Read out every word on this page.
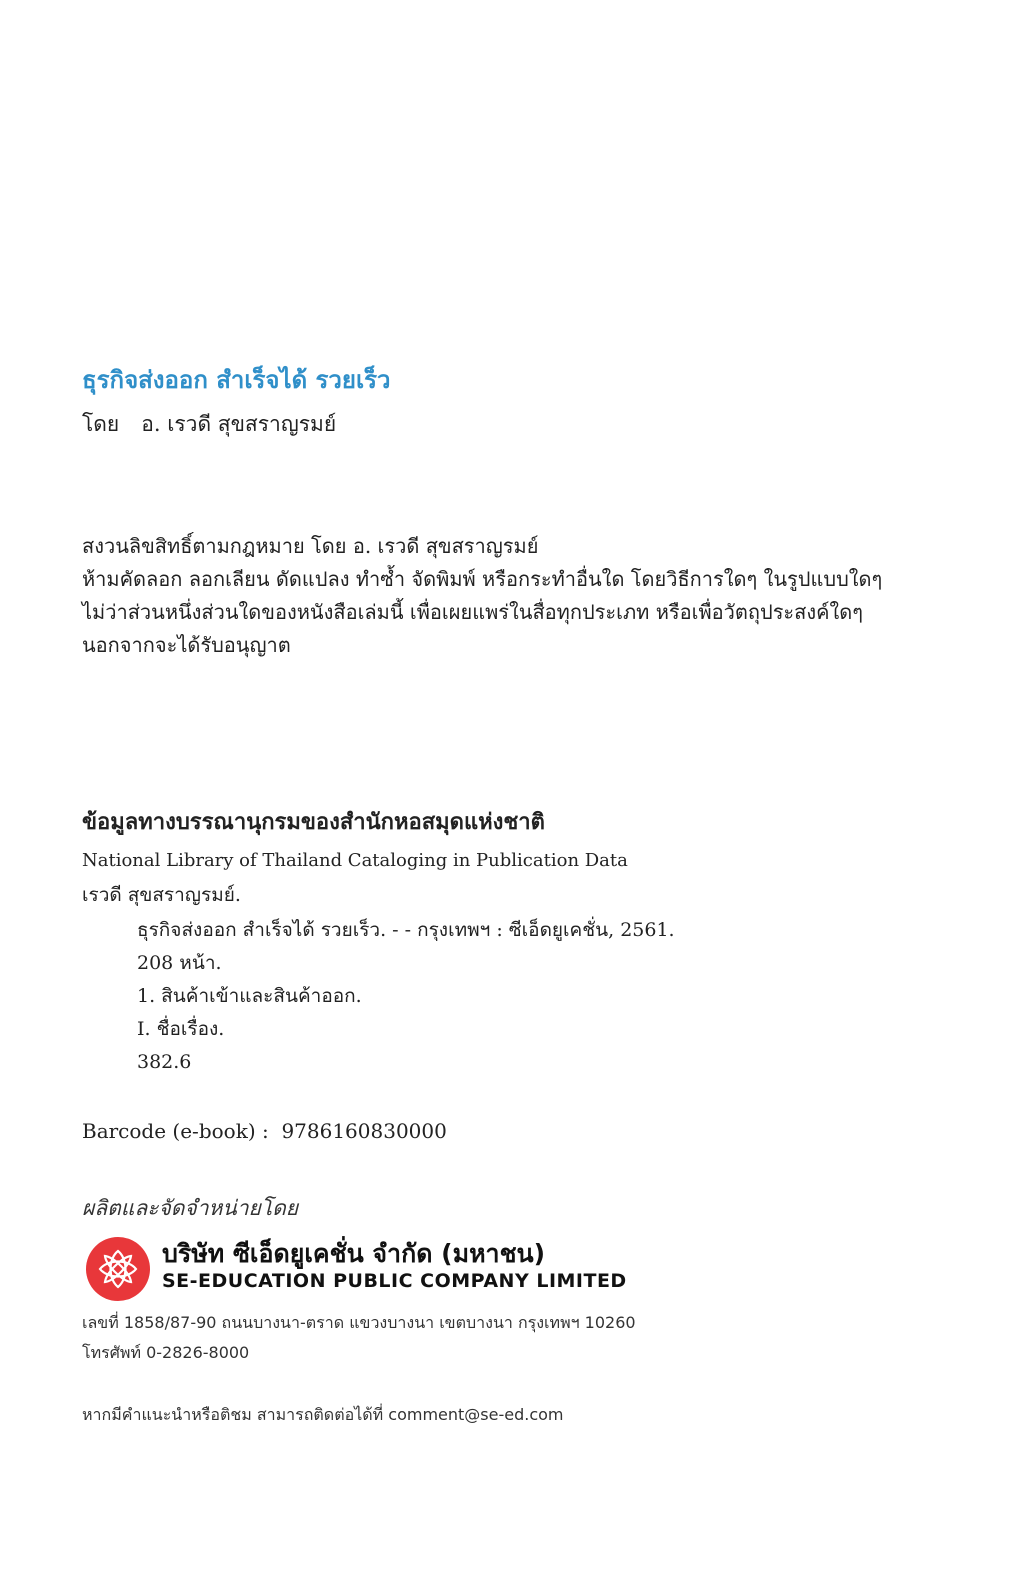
ธุรกิจส่งออก สำเร็จได้ รวยเร็ว
โดย อ. เรวดี สุขสราญรมย์
สงวนลิขสิทธิ์ตามกฎหมาย โดย อ. เรวดี สุขสราญรมย์
ห้ามคัดลอก ลอกเลียน ดัดแปลง ทำซ้ำ จัดพิมพ์ หรือกระทำอื่นใด โดยวิธีการใดๆ ในรูปแบบใดๆ
ไม่ว่าส่วนหนึ่งส่วนใดของหนังสือเล่มนี้ เพื่อเผยแพร่ในสื่อทุกประเภท หรือเพื่อวัตถุประสงค์ใดๆ
นอกจากจะได้รับอนุญาต
ข้อมูลทางบรรณานุกรมของสำนักหอสมุดแห่งชาติ
National Library of Thailand Cataloging in Publication Data
เรวดี สุขสราญรมย์.
ธุรกิจส่งออก สำเร็จได้ รวยเร็ว. - - กรุงเทพฯ : ซีเอ็ดยูเคชั่น, 2561.
208 หน้า.
1. สินค้าเข้าและสินค้าออก.
I. ชื่อเรื่อง.
382.6
Barcode (e-book) : 9786160830000
ผลิตและจัดจำหน่ายโดย
บริษัท ซีเอ็ดยูเคชั่น จำกัด (มหาชน)
SE-EDUCATION PUBLIC COMPANY LIMITED
เลขที่ 1858/87-90 ถนนบางนา-ตราด แขวงบางนา เขตบางนา กรุงเทพฯ 10260
โทรศัพท์ 0-2826-8000
หากมีคำแนะนำหรือติชม สามารถติดต่อได้ที่ comment@se-ed.com
